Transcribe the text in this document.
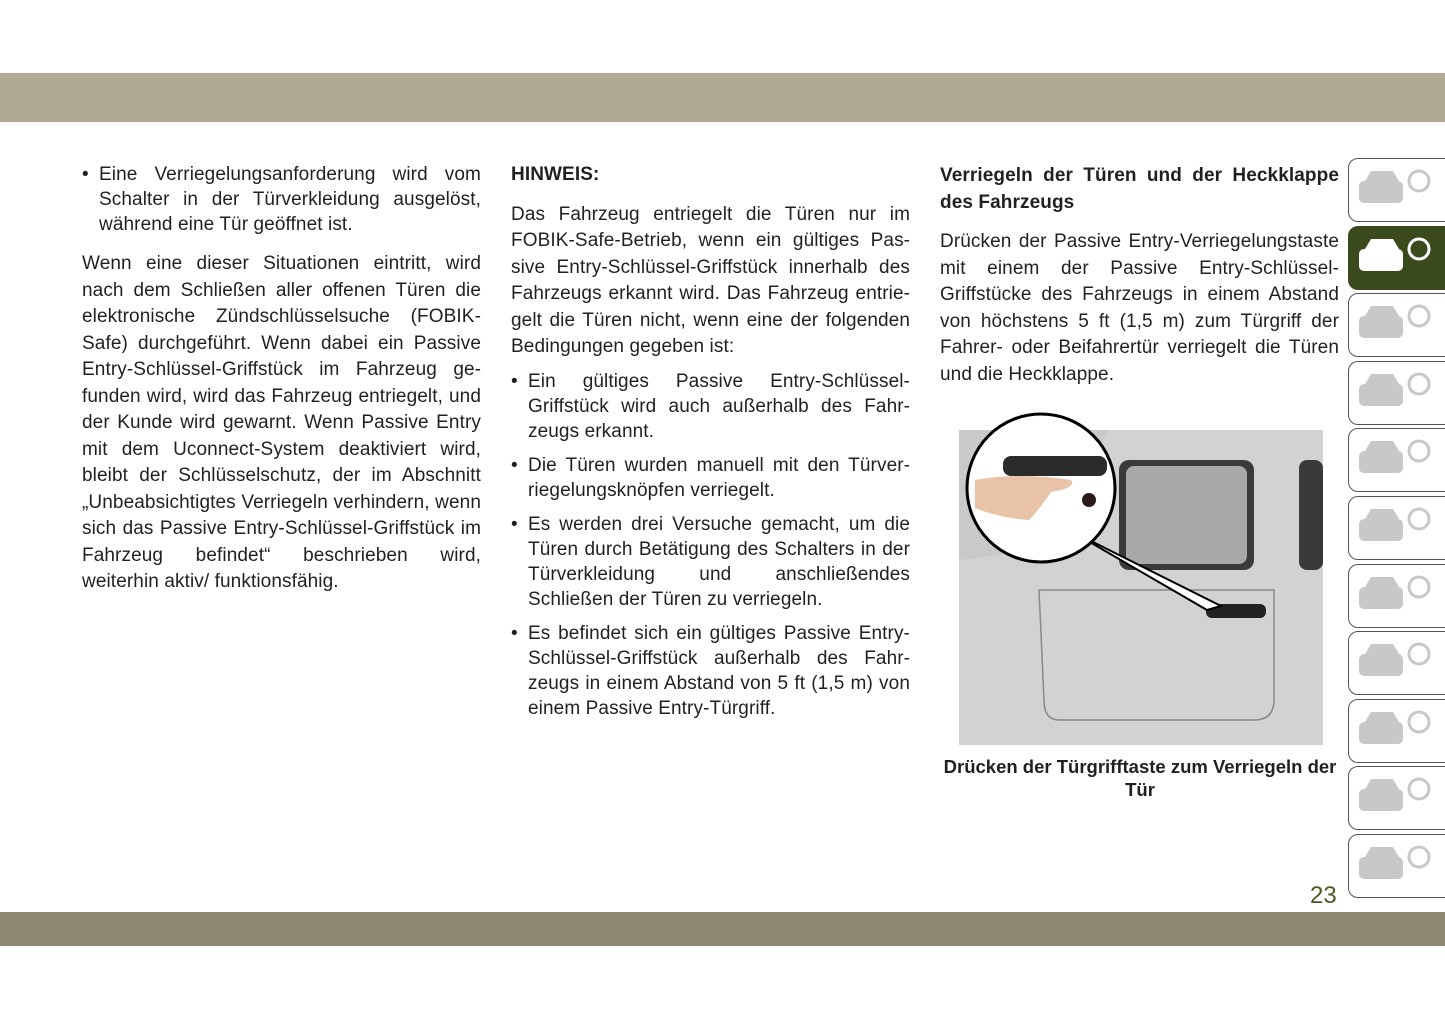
• Eine Verriegelungsanforderung wird vom Schalter in der Türverkleidung ausgelöst, während eine Tür geöffnet ist.

Wenn eine dieser Situationen eintritt, wird nach dem Schließen aller offenen Türen die elektronische Zündschlüsselsuche (FOBIK-Safe) durchgeführt. Wenn dabei ein Passive Entry-Schlüssel-Griffstück im Fahrzeug gefunden wird, wird das Fahrzeug entriegelt, und der Kunde wird gewarnt. Wenn Passive Entry mit dem Uconnect-System deaktiviert wird, bleibt der Schlüsselschutz, der im Abschnitt „Unbeabsichtigtes Verriegeln verhindern, wenn sich das Passive Entry-Schlüssel-Griffstück im Fahrzeug befindet“ beschrieben wird, weiterhin aktiv/ funktionsfähig.

HINWEIS:

Das Fahrzeug entriegelt die Türen nur im FOBIK-Safe-Betrieb, wenn ein gültiges Passive Entry-Schlüssel-Griffstück innerhalb des Fahrzeugs erkannt wird. Das Fahrzeug entriegelt die Türen nicht, wenn eine der folgenden Bedingungen gegeben ist:

• Ein gültiges Passive Entry-Schlüssel-Griffstück wird auch außerhalb des Fahrzeugs erkannt.
• Die Türen wurden manuell mit den Türverriegelungsknöpfen verriegelt.
• Es werden drei Versuche gemacht, um die Türen durch Betätigung des Schalters in der Türverkleidung und anschließendes Schließen der Türen zu verriegeln.
• Es befindet sich ein gültiges Passive Entry-Schlüssel-Griffstück außerhalb des Fahrzeugs in einem Abstand von 5 ft (1,5 m) von einem Passive Entry-Türgriff.

Verriegeln der Türen und der Heckklappe des Fahrzeugs

Drücken der Passive Entry-Verriegelungstaste mit einem der Passive Entry-Schlüssel-Griffstücke des Fahrzeugs in einem Abstand von höchstens 5 ft (1,5 m) zum Türgriff der Fahrer- oder Beifahrertür verriegelt die Türen und die Heckklappe.

Drücken der Türgrifftaste zum Verriegeln der Tür
23
